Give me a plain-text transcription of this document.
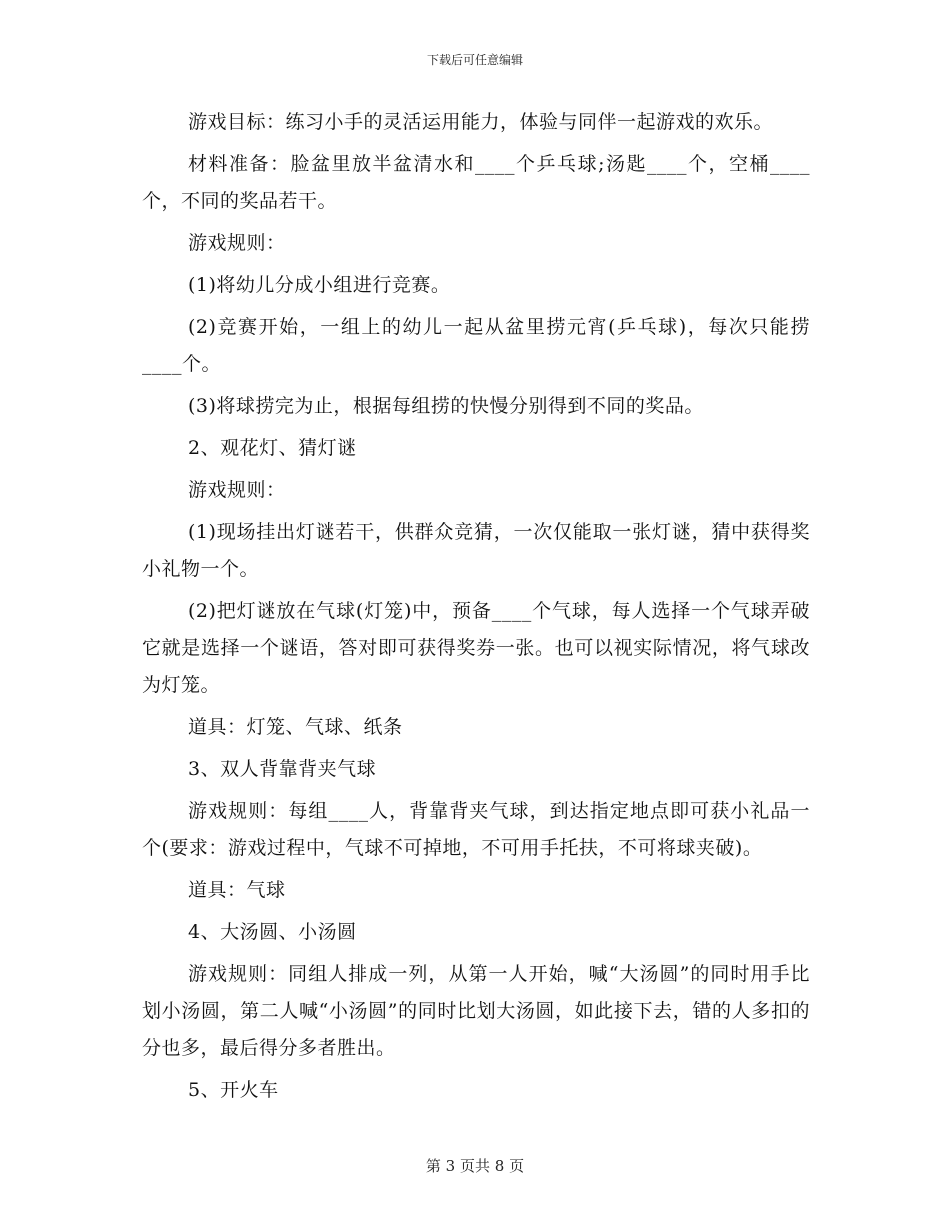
下载后可任意编辑

游戏目标：练习小手的灵活运用能力，体验与同伴一起游戏的欢乐。

材料准备：脸盆里放半盆清水和____个乒乓球;汤匙____个，空桶____个，不同的奖品若干。

游戏规则：

(1)将幼儿分成小组进行竞赛。

(2)竞赛开始，一组上的幼儿一起从盆里捞元宵(乒乓球)，每次只能捞____个。

(3)将球捞完为止，根据每组捞的快慢分别得到不同的奖品。

2、观花灯、猜灯谜

游戏规则：

(1)现场挂出灯谜若干，供群众竞猜，一次仅能取一张灯谜，猜中获得奖小礼物一个。

(2)把灯谜放在气球(灯笼)中，预备____个气球，每人选择一个气球弄破它就是选择一个谜语，答对即可获得奖券一张。也可以视实际情况，将气球改为灯笼。

道具：灯笼、气球、纸条

3、双人背靠背夹气球

游戏规则：每组____人，背靠背夹气球，到达指定地点即可获小礼品一个(要求：游戏过程中，气球不可掉地，不可用手托扶，不可将球夹破)。

道具：气球

4、大汤圆、小汤圆

游戏规则：同组人排成一列，从第一人开始，喊“大汤圆”的同时用手比划小汤圆，第二人喊“小汤圆”的同时比划大汤圆，如此接下去，错的人多扣的分也多，最后得分多者胜出。

5、开火车

第 3 页共 8 页
